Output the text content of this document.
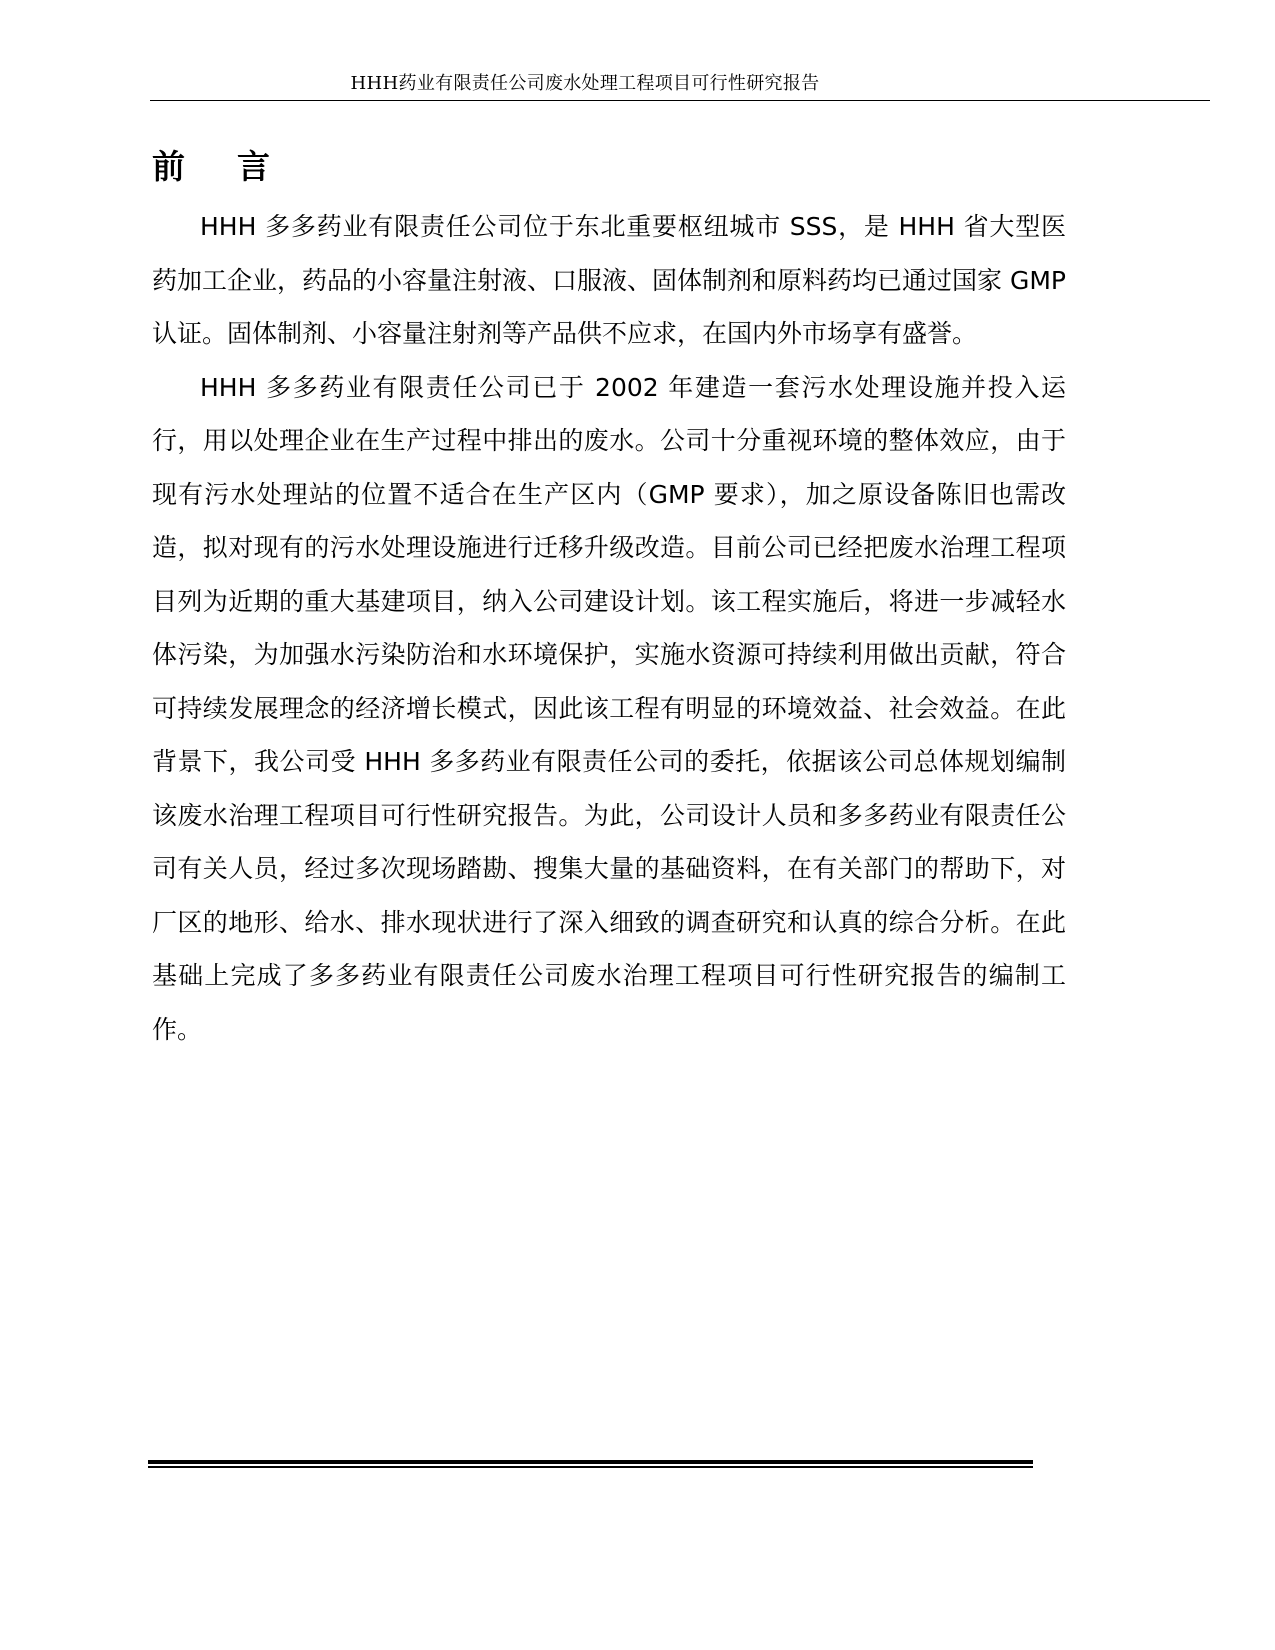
HHH药业有限责任公司废水处理工程项目可行性研究报告
前 言

HHH 多多药业有限责任公司位于东北重要枢纽城市 SSS，是 HHH 省大型医药加工企业，药品的小容量注射液、口服液、固体制剂和原料药均已通过国家 GMP 认证。固体制剂、小容量注射剂等产品供不应求，在国内外市场享有盛誉。

HHH 多多药业有限责任公司已于 2002 年建造一套污水处理设施并投入运行，用以处理企业在生产过程中排出的废水。公司十分重视环境的整体效应，由于现有污水处理站的位置不适合在生产区内（GMP 要求），加之原设备陈旧也需改造，拟对现有的污水处理设施进行迁移升级改造。目前公司已经把废水治理工程项目列为近期的重大基建项目，纳入公司建设计划。该工程实施后，将进一步减轻水体污染，为加强水污染防治和水环境保护，实施水资源可持续利用做出贡献，符合可持续发展理念的经济增长模式，因此该工程有明显的环境效益、社会效益。在此背景下，我公司受 HHH 多多药业有限责任公司的委托，依据该公司总体规划编制该废水治理工程项目可行性研究报告。为此，公司设计人员和多多药业有限责任公司有关人员，经过多次现场踏勘、搜集大量的基础资料，在有关部门的帮助下，对厂区的地形、给水、排水现状进行了深入细致的调查研究和认真的综合分析。在此基础上完成了多多药业有限责任公司废水治理工程项目可行性研究报告的编制工作。
